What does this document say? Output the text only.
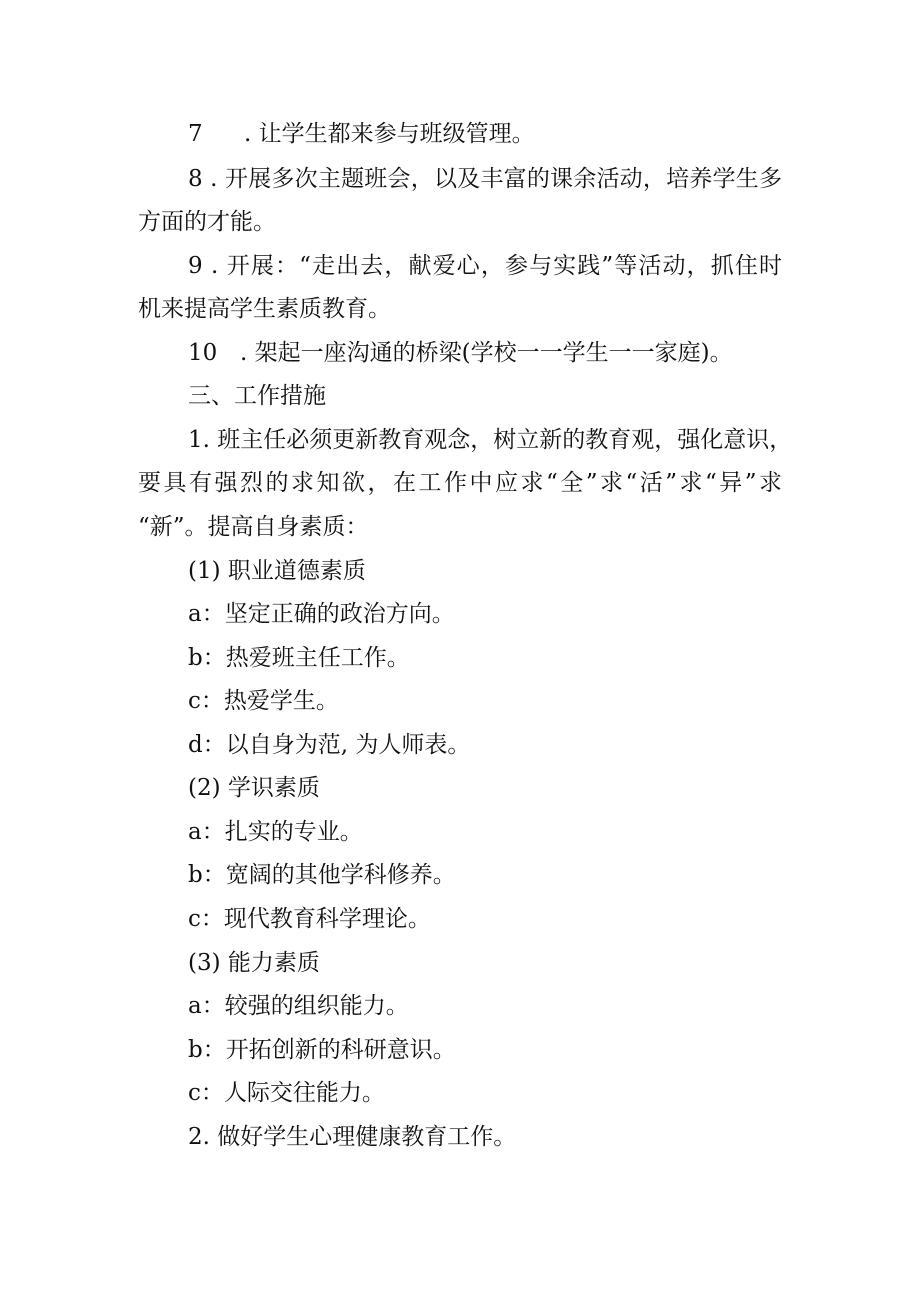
7 . 让学生都来参与班级管理。
8 . 开展多次主题班会，以及丰富的课余活动，培养学生多
方面的才能。
9 . 开展：“走出去，献爱心，参与实践”等活动，抓住时
机来提高学生素质教育。
10 . 架起一座沟通的桥梁(学校一一学生一一家庭)。
三、工作措施
1. 班主任必须更新教育观念，树立新的教育观，强化意识，
要具有强烈的求知欲，在工作中应求“全”求“活”求“异”求
“新”。提高自身素质：
(1) 职业道德素质
a：坚定正确的政治方向。
b：热爱班主任工作。
c：热爱学生。
d：以自身为范, 为人师表。
(2) 学识素质
a：扎实的专业。
b：宽阔的其他学科修养。
c：现代教育科学理论。
(3) 能力素质
a：较强的组织能力。
b：开拓创新的科研意识。
c：人际交往能力。
2. 做好学生心理健康教育工作。
